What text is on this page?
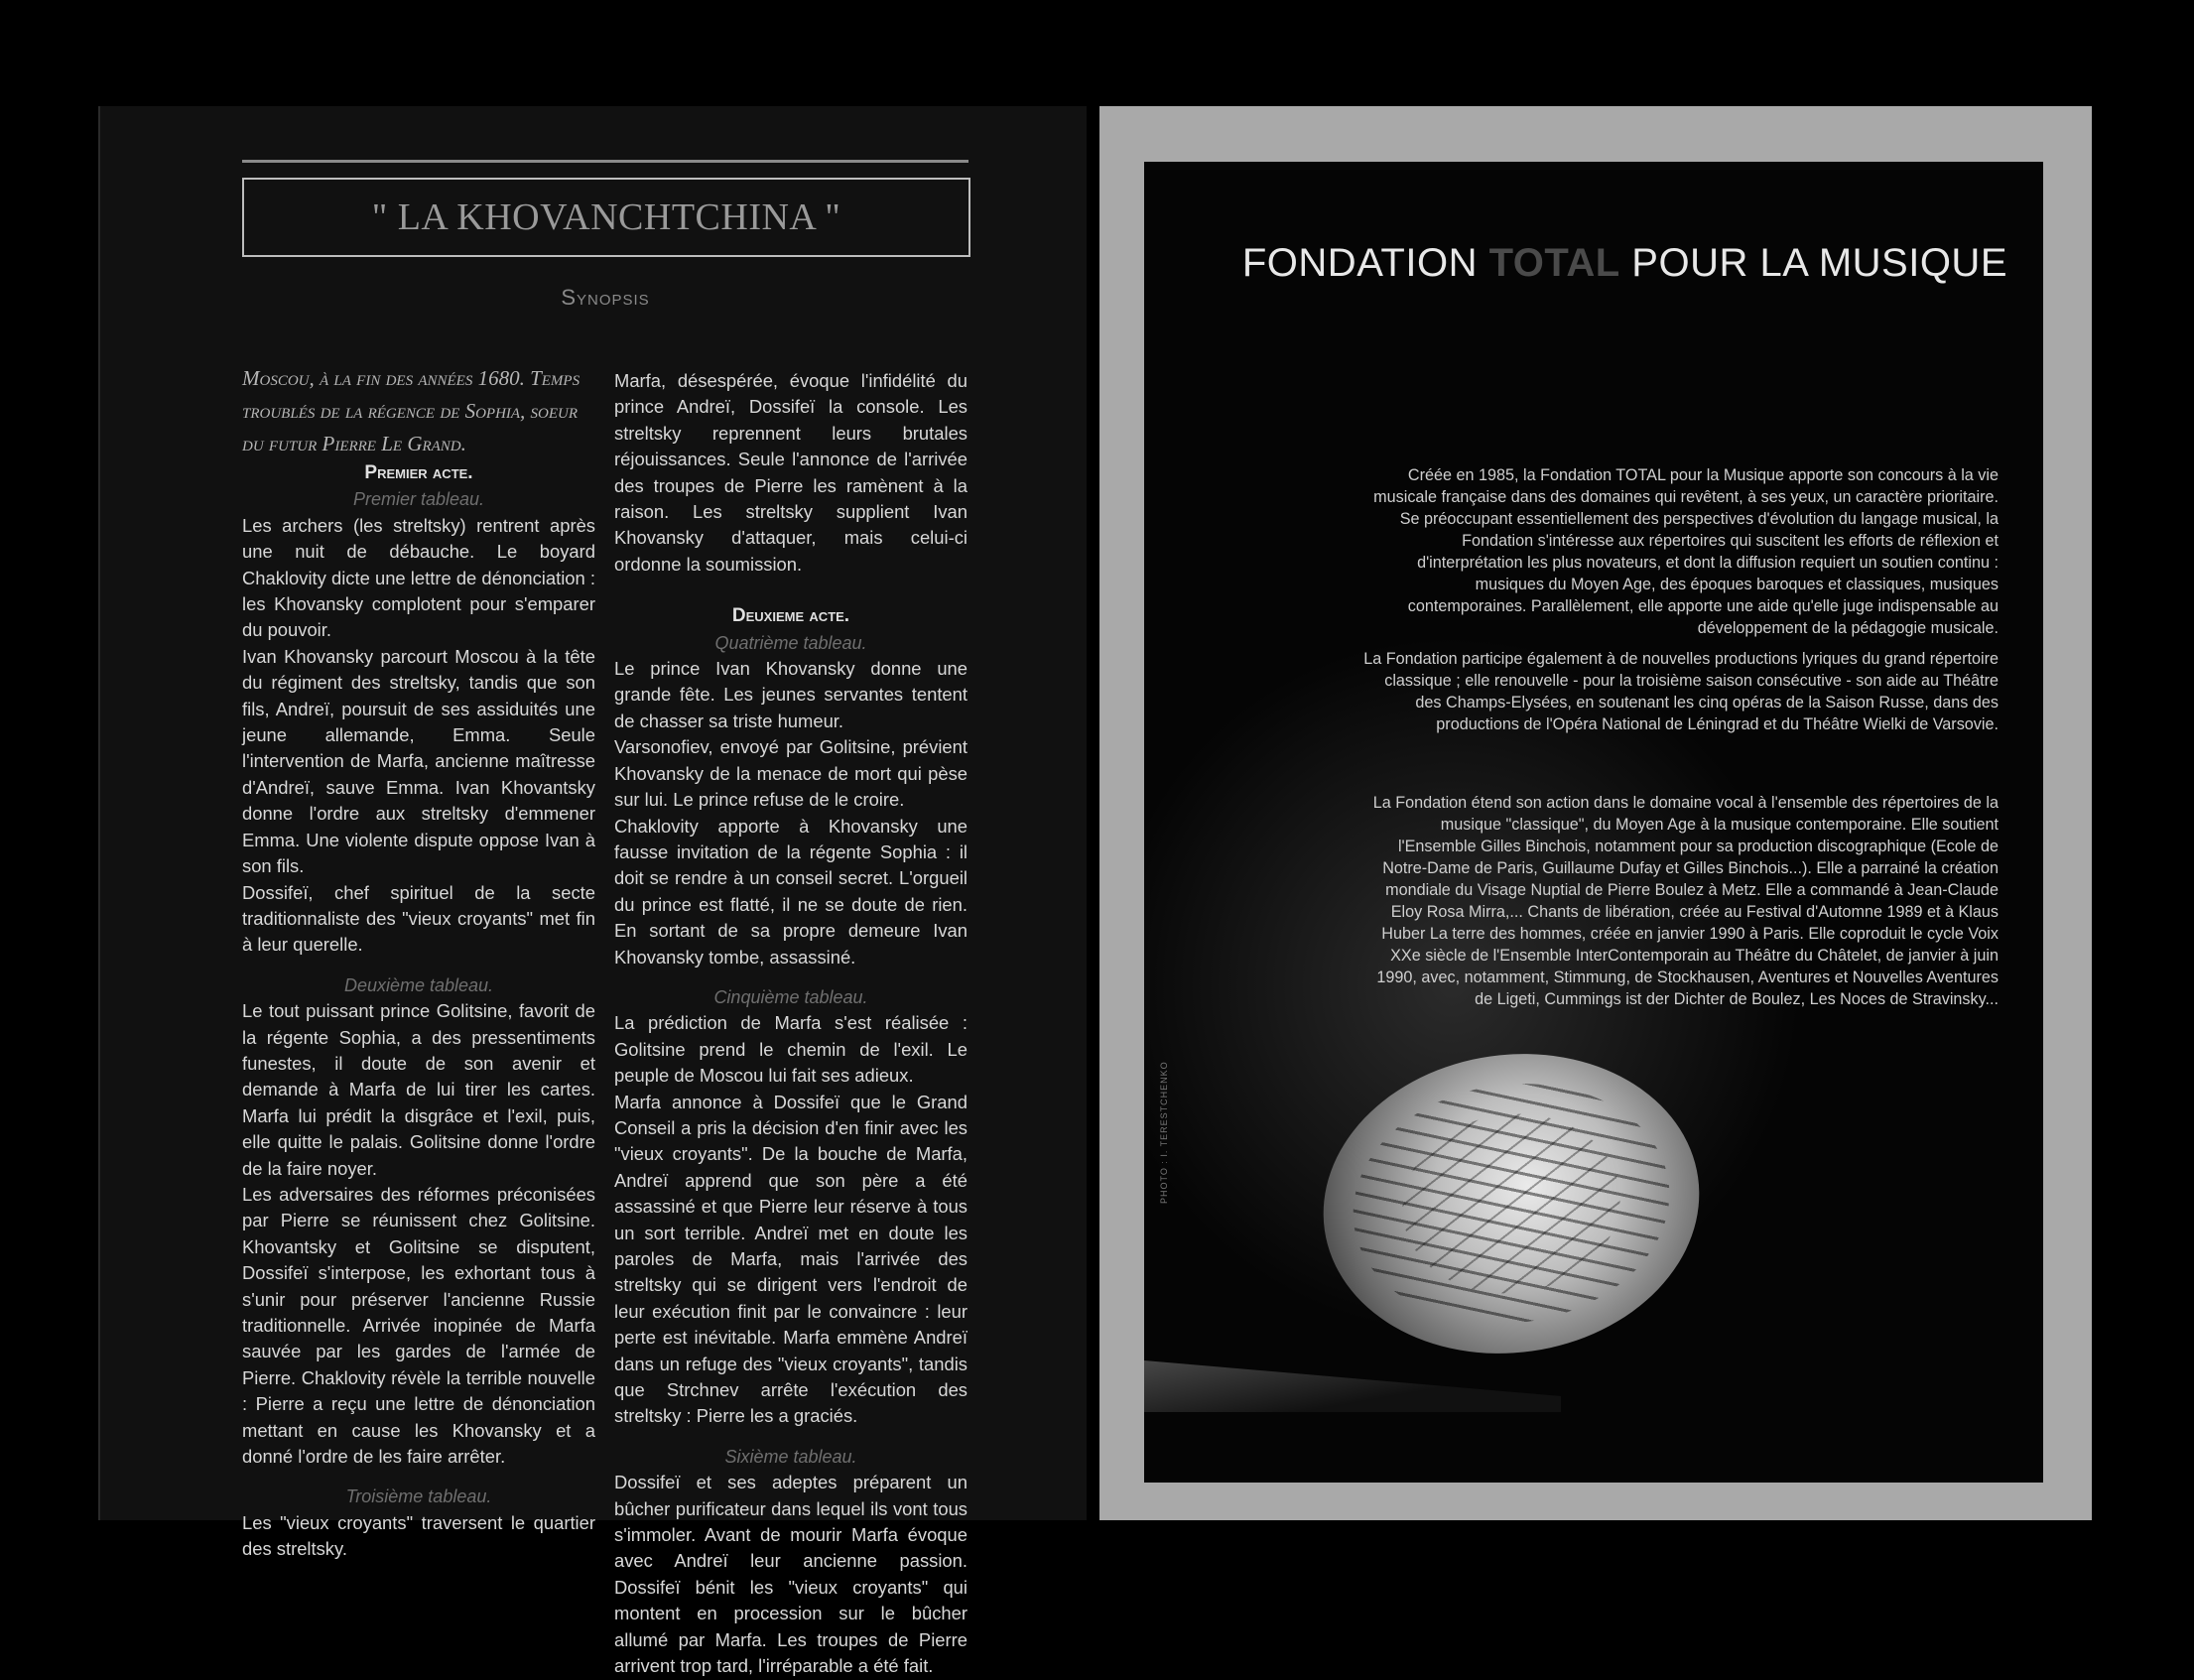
" LA KHOVANCHTCHINA "
Synopsis

Moscou, à la fin des années 1680. Temps troublés de la régence de Sophia, soeur du futur Pierre Le Grand.

Premier acte.

Premier tableau.

Les archers (les streltsky) rentrent après une nuit de débauche. Le boyard Chaklovity dicte une lettre de dénonciation : les Khovansky complotent pour s'emparer du pouvoir.

Ivan Khovansky parcourt Moscou à la tête du régiment des streltsky, tandis que son fils, Andreï, poursuit de ses assiduités une jeune allemande, Emma. Seule l'intervention de Marfa, ancienne maîtresse d'Andreï, sauve Emma. Ivan Khovantsky donne l'ordre aux streltsky d'emmener Emma. Une violente dispute oppose Ivan à son fils.

Dossifeï, chef spirituel de la secte traditionnaliste des "vieux croyants" met fin à leur querelle.

Deuxième tableau.

Le tout puissant prince Golitsine, favorit de la régente Sophia, a des pressentiments funestes, il doute de son avenir et demande à Marfa de lui tirer les cartes. Marfa lui prédit la disgrâce et l'exil, puis, elle quitte le palais. Golitsine donne l'ordre de la faire noyer.

Les adversaires des réformes préconisées par Pierre se réunissent chez Golitsine. Khovantsky et Golitsine se disputent, Dossifeï s'interpose, les exhortant tous à s'unir pour préserver l'ancienne Russie traditionnelle. Arrivée inopinée de Marfa sauvée par les gardes de l'armée de Pierre. Chaklovity révèle la terrible nouvelle : Pierre a reçu une lettre de dénonciation mettant en cause les Khovansky et a donné l'ordre de les faire arrêter.

Troisième tableau.

Les "vieux croyants" traversent le quartier des streltsky.

Marfa, désespérée, évoque l'infidélité du prince Andreï, Dossifeï la console. Les streltsky reprennent leurs brutales réjouissances. Seule l'annonce de l'arrivée des troupes de Pierre les ramènent à la raison. Les streltsky supplient Ivan Khovansky d'attaquer, mais celui-ci ordonne la soumission.

Deuxieme acte.

Quatrième tableau.

Le prince Ivan Khovansky donne une grande fête. Les jeunes servantes tentent de chasser sa triste humeur.

Varsonofiev, envoyé par Golitsine, prévient Khovansky de la menace de mort qui pèse sur lui. Le prince refuse de le croire.

Chaklovity apporte à Khovansky une fausse invitation de la régente Sophia : il doit se rendre à un conseil secret. L'orgueil du prince est flatté, il ne se doute de rien. En sortant de sa propre demeure Ivan Khovansky tombe, assassiné.

Cinquième tableau.

La prédiction de Marfa s'est réalisée : Golitsine prend le chemin de l'exil. Le peuple de Moscou lui fait ses adieux.

Marfa annonce à Dossifeï que le Grand Conseil a pris la décision d'en finir avec les "vieux croyants". De la bouche de Marfa, Andreï apprend que son père a été assassiné et que Pierre leur réserve à tous un sort terrible. Andreï met en doute les paroles de Marfa, mais l'arrivée des streltsky qui se dirigent vers l'endroit de leur exécution finit par le convaincre : leur perte est inévitable. Marfa emmène Andreï dans un refuge des "vieux croyants", tandis que Strchnev arrête l'exécution des streltsky : Pierre les a graciés.

Sixième tableau.

Dossifeï et ses adeptes préparent un bûcher purificateur dans lequel ils vont tous s'immoler. Avant de mourir Marfa évoque avec Andreï leur ancienne passion. Dossifeï bénit les "vieux croyants" qui montent en procession sur le bûcher allumé par Marfa. Les troupes de Pierre arrivent trop tard, l'irréparable a été fait.

PHOTO : I. TERESTCHENKO
FONDATION TOTAL POUR LA MUSIQUE

Créée en 1985, la Fondation TOTAL pour la Musique apporte son concours à la vie musicale française dans des domaines qui revêtent, à ses yeux, un caractère prioritaire. Se préoccupant essentiellement des perspectives d'évolution du langage musical, la Fondation s'intéresse aux répertoires qui suscitent les efforts de réflexion et d'interprétation les plus novateurs, et dont la diffusion requiert un soutien continu : musiques du Moyen Age, des époques baroques et classiques, musiques contemporaines. Parallèlement, elle apporte une aide qu'elle juge indispensable au développement de la pédagogie musicale.

La Fondation participe également à de nouvelles productions lyriques du grand répertoire classique ; elle renouvelle - pour la troisième saison consécutive - son aide au Théâtre des Champs-Elysées, en soutenant les cinq opéras de la Saison Russe, dans des productions de l'Opéra National de Léningrad et du Théâtre Wielki de Varsovie.

La Fondation étend son action dans le domaine vocal à l'ensemble des répertoires de la musique "classique", du Moyen Age à la musique contemporaine. Elle soutient l'Ensemble Gilles Binchois, notamment pour sa production discographique (Ecole de Notre-Dame de Paris, Guillaume Dufay et Gilles Binchois...). Elle a parrainé la création mondiale du Visage Nuptial de Pierre Boulez à Metz. Elle a commandé à Jean-Claude Eloy Rosa Mirra,... Chants de libération, créée au Festival d'Automne 1989 et à Klaus Huber La terre des hommes, créée en janvier 1990 à Paris. Elle coproduit le cycle Voix XXe siècle de l'Ensemble InterContemporain au Théâtre du Châtelet, de janvier à juin 1990, avec, notamment, Stimmung, de Stockhausen, Aventures et Nouvelles Aventures de Ligeti, Cummings ist der Dichter de Boulez, Les Noces de Stravinsky...
